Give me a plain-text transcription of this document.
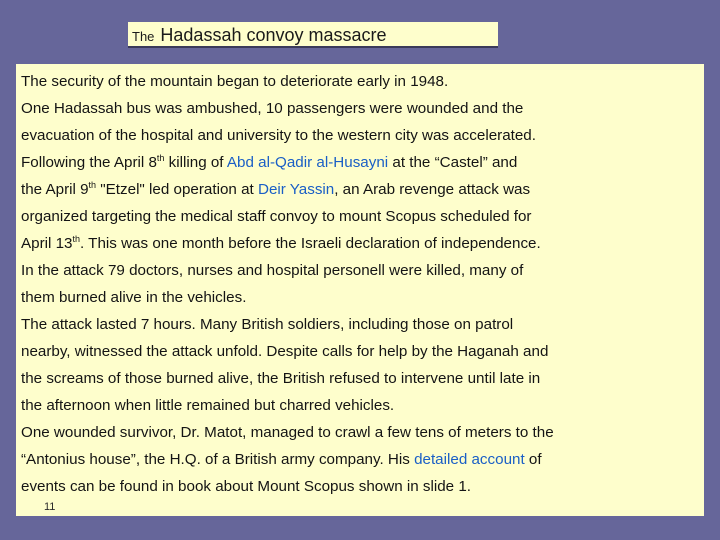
The Hadassah convoy massacre
The security of the mountain began to deteriorate early in 1948.
One Hadassah bus was ambushed, 10 passengers were wounded and the
evacuation of the hospital and university to the western city was accelerated.
Following the April 8th killing of Abd al-Qadir al-Husayni at the “Castel” and
the April 9th "Etzel" led operation at Deir Yassin, an Arab revenge attack was
organized targeting the medical staff convoy to mount Scopus scheduled for
April 13th. This was one month before the Israeli declaration of independence.
In the attack 79 doctors, nurses and hospital personell were killed, many of
them burned alive in the vehicles.
The attack lasted 7 hours. Many British soldiers, including those on patrol
nearby, witnessed the attack unfold. Despite calls for help by the Haganah and
the screams of those burned alive, the British refused to intervene until late in
the afternoon when little remained but charred vehicles.
One wounded survivor, Dr. Matot, managed to crawl a few tens of meters to the
“Antonius house”, the H.Q. of a British army company. His detailed account of
events can be found in book about Mount Scopus shown in slide 1.
11
